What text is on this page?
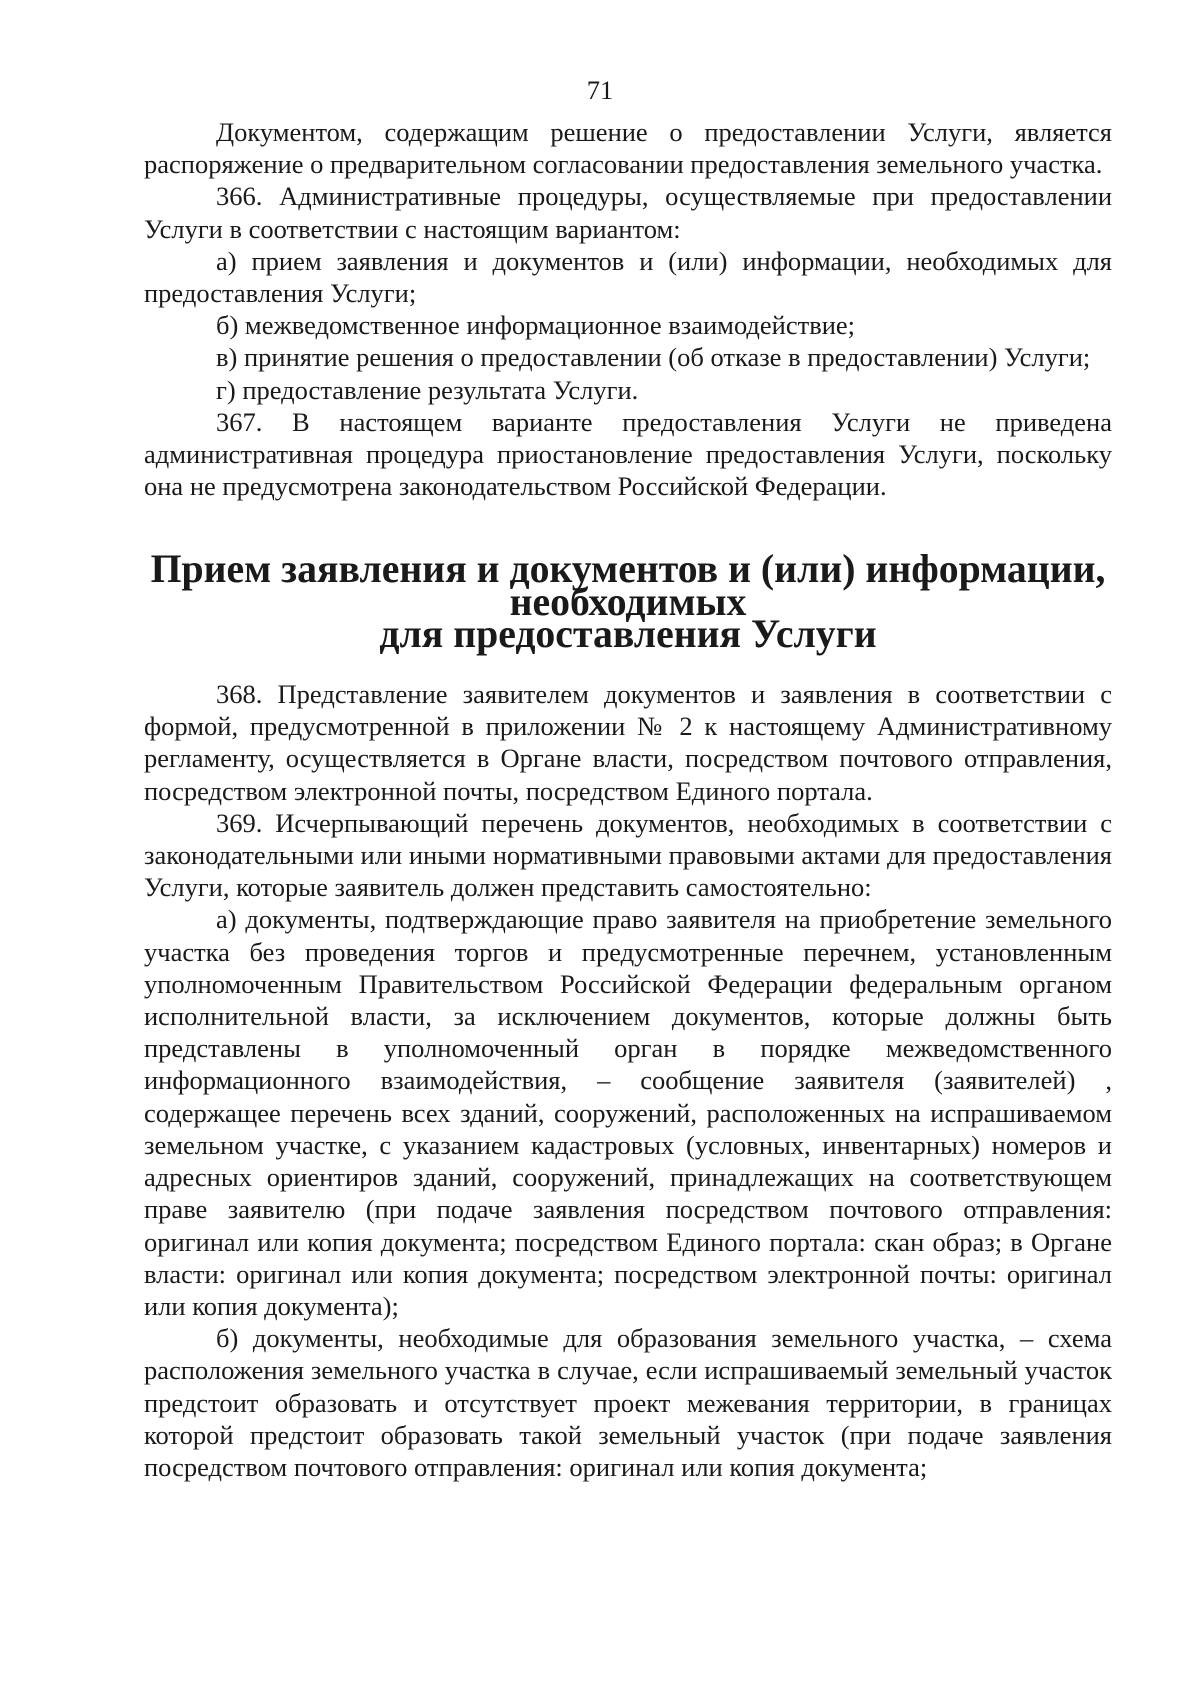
71

Документом, содержащим решение о предоставлении Услуги, является распоряжение о предварительном согласовании предоставления земельного участка.

366. Административные процедуры, осуществляемые при предоставлении Услуги в соответствии с настоящим вариантом:

а) прием заявления и документов и (или) информации, необходимых для предоставления Услуги;

б) межведомственное информационное взаимодействие;

в) принятие решения о предоставлении (об отказе в предоставлении) Услуги;

г) предоставление результата Услуги.

367. В настоящем варианте предоставления Услуги не приведена административная процедура приостановление предоставления Услуги, поскольку она не предусмотрена законодательством Российской Федерации.

Прием заявления и документов и (или) информации, необходимых
для предоставления Услуги

368. Представление заявителем документов и заявления в соответствии с формой, предусмотренной в приложении № 2 к настоящему Административному регламенту, осуществляется в Органе власти, посредством почтового отправления, посредством электронной почты, посредством Единого портала.

369. Исчерпывающий перечень документов, необходимых в соответствии с законодательными или иными нормативными правовыми актами для предоставления Услуги, которые заявитель должен представить самостоятельно:

а) документы, подтверждающие право заявителя на приобретение земельного участка без проведения торгов и предусмотренные перечнем, установленным уполномоченным Правительством Российской Федерации федеральным органом исполнительной власти, за исключением документов, которые должны быть представлены в уполномоченный орган в порядке межведомственного информационного взаимодействия, – сообщение заявителя (заявителей) , содержащее перечень всех зданий, сооружений, расположенных на испрашиваемом земельном участке, с указанием кадастровых (условных, инвентарных) номеров и адресных ориентиров зданий, сооружений, принадлежащих на соответствующем праве заявителю (при подаче заявления посредством почтового отправления: оригинал или копия документа; посредством Единого портала: скан образ; в Органе власти: оригинал или копия документа; посредством электронной почты: оригинал или копия документа);

б) документы, необходимые для образования земельного участка, – схема расположения земельного участка в случае, если испрашиваемый земельный участок предстоит образовать и отсутствует проект межевания территории, в границах которой предстоит образовать такой земельный участок (при подаче заявления посредством почтового отправления: оригинал или копия документа;
